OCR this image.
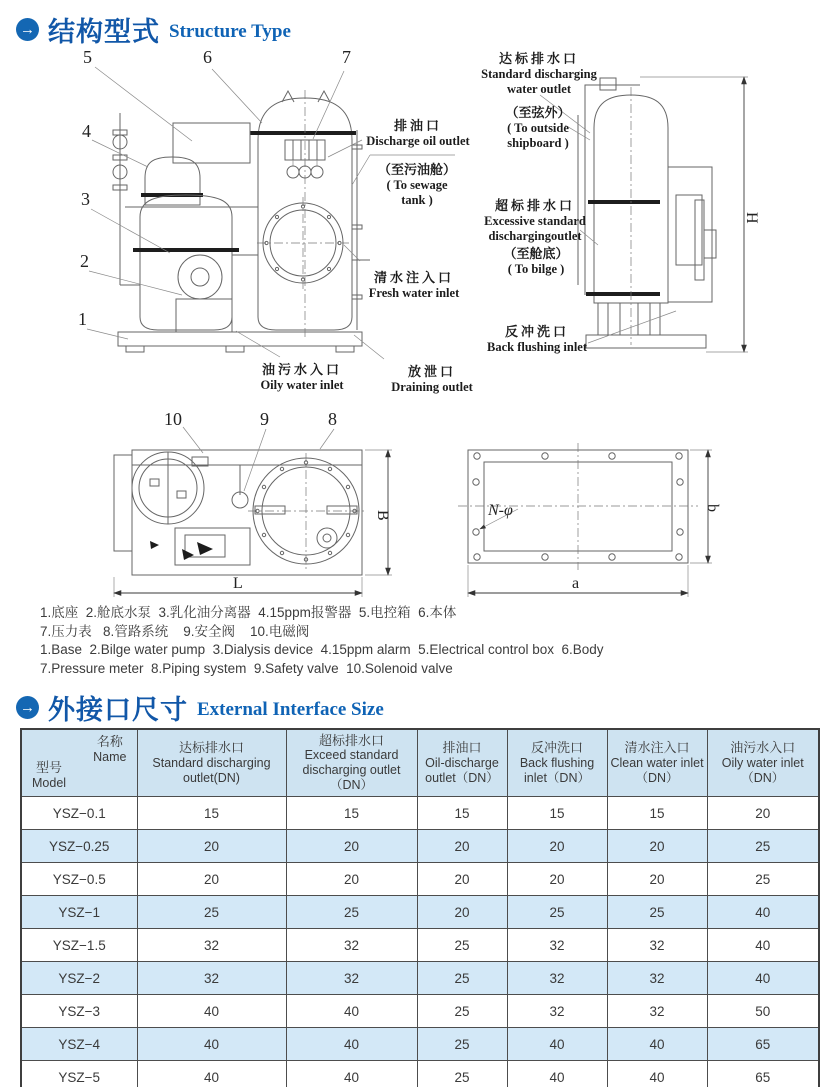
→ 结构型式 Structure Type
1
2
3
4
5	6	7
H
L
B
10	9	8
N-φ
a
b
排油口
Discharge oil outlet
（至污油舱）
( To sewage
tank )
清水注入口
Fresh water inlet
放泄口
Draining outlet
油污水入口
Oily water inlet
达标排水口
Standard discharging
water outlet
（至弦外）
( To outside
shipboard )
超标排水口
Excessive standard
dischargingoutlet
（至舱底）
( To bilge )
反冲洗口
Back flushing inlet
1.底座  2.舱底水泵  3.乳化油分离器  4.15ppm报警器  5.电控箱  6.本体
7.压力表   8.管路系统    9.安全阀    10.电磁阀
1.Base  2.Bilge water pump  3.Dialysis device  4.15ppm alarm  5.Electrical control box  6.Body
7.Pressure meter  8.Piping system  9.Safety valve  10.Solenoid valve
→ 外接口尺寸 External Interface Size
名称
Name
型号
Model

达标排水口
Standard discharging outlet(DN)	
超标排水口
Exceed standard discharging outlet（DN）	
排油口
Oil-discharge outlet（DN）	
反冲洗口
Back flushing inlet（DN）	
清水注入口
Clean water inlet（DN）	
油污水入口
Oily water inlet（DN）
YSZ−0.1	15	15	15	15	15	20
YSZ−0.25	20	20	20	20	20	25
YSZ−0.5	20	20	20	20	20	25
YSZ−1	25	25	20	25	25	40
YSZ−1.5	32	32	25	32	32	40
YSZ−2	32	32	25	32	32	40
YSZ−3	40	40	25	32	32	50
YSZ−4	40	40	25	40	40	65
YSZ−5	40	40	25	40	40	65
